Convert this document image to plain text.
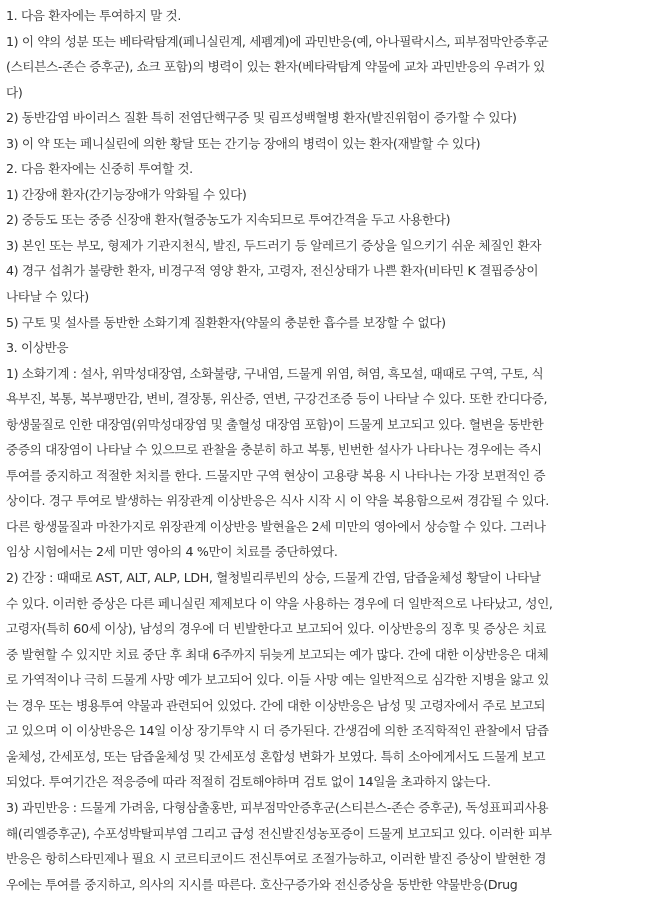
1. 다음 환자에는 투여하지 말 것.
1) 이 약의 성분 또는 베타락탐계(페니실린계, 세펨계)에 과민반응(예, 아나필락시스, 피부점막안증후군
(스티븐스-존슨 증후군), 쇼크 포함)의 병력이 있는 환자(베타락탐계 약물에 교차 과민반응의 우려가 있
다)
2) 동반감염 바이러스 질환 특히 전염단핵구증 및 림프성백혈병 환자(발진위험이 증가할 수 있다)
3) 이 약 또는 페니실린에 의한 황달 또는 간기능 장애의 병력이 있는 환자(재발할 수 있다)
2. 다음 환자에는 신중히 투여할 것.
1) 간장애 환자(간기능장애가 악화될 수 있다)
2) 중등도 또는 중증 신장애 환자(혈중농도가 지속되므로 투여간격을 두고 사용한다)
3) 본인 또는 부모, 형제가 기관지천식, 발진, 두드러기 등 알레르기 증상을 일으키기 쉬운 체질인 환자
4) 경구 섭취가 불량한 환자, 비경구적 영양 환자, 고령자, 전신상태가 나쁜 환자(비타민 K 결핍증상이
나타날 수 있다)
5) 구토 및 설사를 동반한 소화기계 질환환자(약물의 충분한 흡수를 보장할 수 없다)
3. 이상반응
1) 소화기계 : 설사, 위막성대장염, 소화불량, 구내염, 드물게 위염, 혀염, 흑모설, 때때로 구역, 구토, 식
욕부진, 복통, 복부팽만감, 변비, 결장통, 위산증, 연변, 구강건조증 등이 나타날 수 있다. 또한 칸디다증,
항생물질로 인한 대장염(위막성대장염 및 출혈성 대장염 포함)이 드물게 보고되고 있다. 혈변을 동반한
중증의 대장염이 나타날 수 있으므로 관찰을 충분히 하고 복통, 빈번한 설사가 나타나는 경우에는 즉시
투여를 중지하고 적절한 처치를 한다. 드물지만 구역 현상이 고용량 복용 시 나타나는 가장 보편적인 증
상이다. 경구 투여로 발생하는 위장관계 이상반응은 식사 시작 시 이 약을 복용함으로써 경감될 수 있다.
다른 항생물질과 마찬가지로 위장관계 이상반응 발현율은 2세 미만의 영아에서 상승할 수 있다. 그러나
임상 시험에서는 2세 미만 영아의 4 %만이 치료를 중단하였다.
2) 간장 : 때때로 AST, ALT, ALP, LDH, 혈청빌리루빈의 상승, 드물게 간염, 담즙울체성 황달이 나타날
수 있다. 이러한 증상은 다른 페니실린 제제보다 이 약을 사용하는 경우에 더 일반적으로 나타났고, 성인,
고령자(특히 60세 이상), 남성의 경우에 더 빈발한다고 보고되어 있다. 이상반응의 징후 및 증상은 치료
중 발현할 수 있지만 치료 중단 후 최대 6주까지 뒤늦게 보고되는 예가 많다. 간에 대한 이상반응은 대체
로 가역적이나 극히 드물게 사망 예가 보고되어 있다. 이들 사망 예는 일반적으로 심각한 지병을 앓고 있
는 경우 또는 병용투여 약물과 관련되어 있었다. 간에 대한 이상반응은 남성 및 고령자에서 주로 보고되
고 있으며 이 이상반응은 14일 이상 장기투약 시 더 증가된다. 간생검에 의한 조직학적인 관찰에서 담즙
울체성, 간세포성, 또는 담즙울체성 및 간세포성 혼합성 변화가 보였다. 특히 소아에게서도 드물게 보고
되었다. 투여기간은 적응증에 따라 적절히 검토해야하며 검토 없이 14일을 초과하지 않는다.
3) 과민반응 : 드물게 가려움, 다형삼출홍반, 피부점막안증후군(스티븐스-존슨 증후군), 독성표피괴사용
해(리엘증후군), 수포성박탈피부염 그리고 급성 전신발진성농포증이 드물게 보고되고 있다. 이러한 피부
반응은 항히스타민제나 필요 시 코르티코이드 전신투여로 조절가능하고, 이러한 발진 증상이 발현한 경
우에는 투여를 중지하고, 의사의 지시를 따른다. 호산구증가와 전신증상을 동반한 약물반응(Drug
